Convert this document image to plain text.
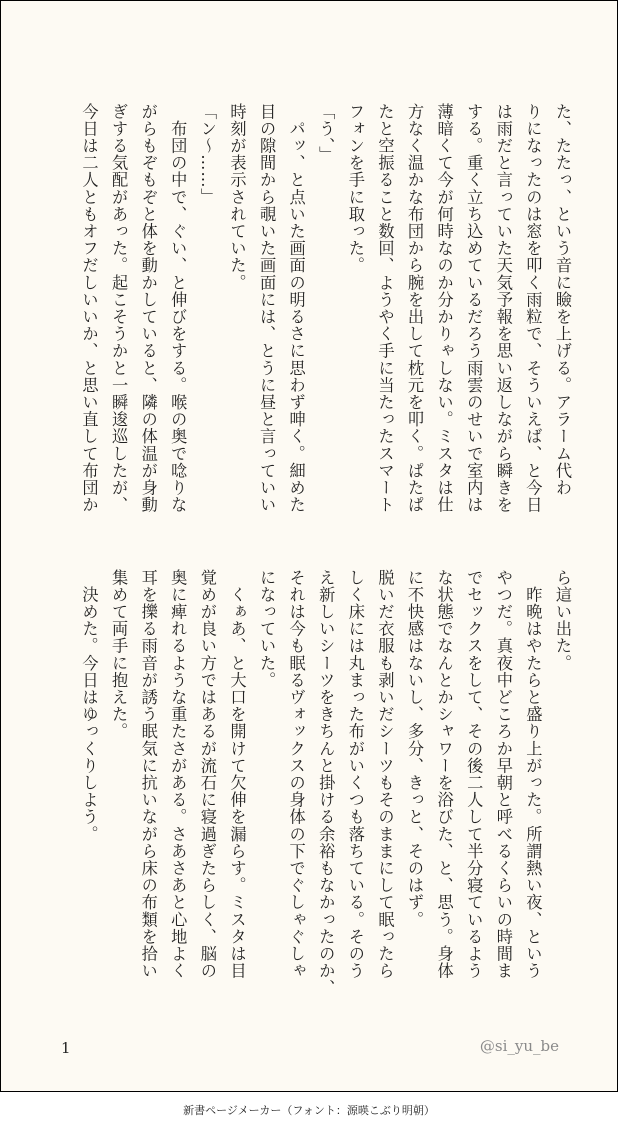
た、たたっ、という音に瞼を上げる。アラーム代わ

りになったのは窓を叩く雨粒で、そういえば、と今日

は雨だと言っていた天気予報を思い返しながら瞬きを

する。重く立ち込めているだろう雨雲のせいで室内は

薄暗くて今が何時なのか分かりゃしない。ミスタは仕

方なく温かな布団から腕を出して枕元を叩く。ぱたぱ

たと空振ること数回、ようやく手に当たったスマート

フォンを手に取った。

「う、」

　パッ、と点いた画面の明るさに思わず呻く。細めた

目の隙間から覗いた画面には、とうに昼と言っていい

時刻が表示されていた。

「ン〜……」

　布団の中で、ぐい、と伸びをする。喉の奥で唸りな

がらもぞもぞと体を動かしていると、隣の体温が身動

ぎする気配があった。起こそうかと一瞬逡巡したが、

今日は二人ともオフだしいいか、と思い直して布団か

ら這い出た。

　昨晩はやたらと盛り上がった。所謂熱い夜、という

やつだ。真夜中どころか早朝と呼べるくらいの時間ま

でセックスをして、その後二人して半分寝ているよう

な状態でなんとかシャワーを浴びた、と、思う。身体

に不快感はないし、多分、きっと、そのはず。

脱いだ衣服も剥いだシーツもそのままにして眠ったら

しく床には丸まった布がいくつも落ちている。そのう

え新しいシーツをきちんと掛ける余裕もなかったのか、

それは今も眠るヴォックスの身体の下でぐしゃぐしゃ

になっていた。

　くぁあ、と大口を開けて欠伸を漏らす。ミスタは目

覚めが良い方ではあるが流石に寝過ぎたらしく、脳の

奥に痺れるような重たさがある。さあさあと心地よく

耳を擽る雨音が誘う眠気に抗いながら床の布類を拾い

集めて両手に抱えた。

　決めた。今日はゆっくりしよう。

1	@si_yu_be
新書ページメーカー（フォント：源暎こぶり明朝）
